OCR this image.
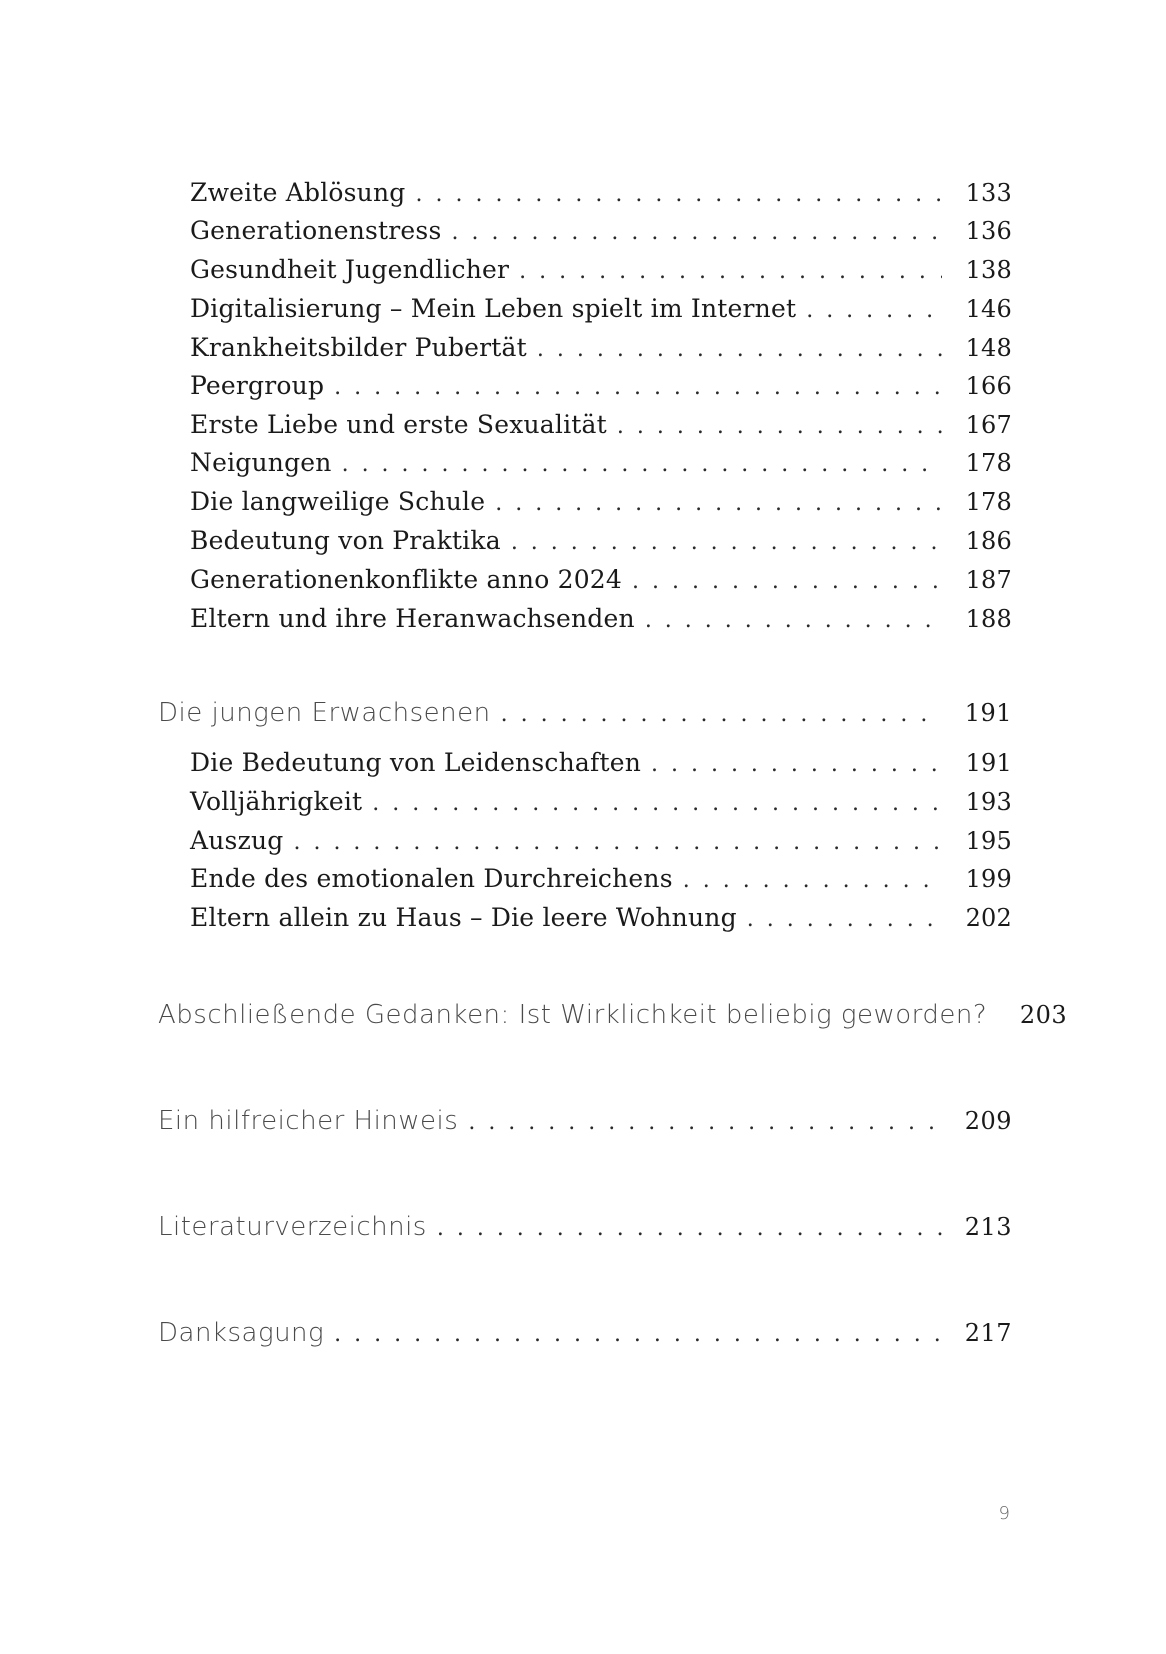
Zweite Ablösung . . .	133
Generationenstress . . .	136
Gesundheit Jugendlicher . . .	138
Digitalisierung – Mein Leben spielt im Internet . . .	146
Krankheitsbilder Pubertät . . .	148
Peergroup . . .	166
Erste Liebe und erste Sexualität . . .	167
Neigungen . . .	178
Die langweilige Schule . . .	178
Bedeutung von Praktika . . .	186
Generationenkonflikte anno 2024 . . .	187
Eltern und ihre Heranwachsenden . . .	188
Die jungen Erwachsenen . . .	191
Die Bedeutung von Leidenschaften . . .	191
Volljährigkeit . . .	193
Auszug . . .	195
Ende des emotionalen Durchreichens . . .	199
Eltern allein zu Haus – Die leere Wohnung . . .	202
Abschließende Gedanken: Ist Wirklichkeit beliebig geworden?	203
Ein hilfreicher Hinweis . . .	209
Literaturverzeichnis . . .	213
Danksagung . . .	217
9
